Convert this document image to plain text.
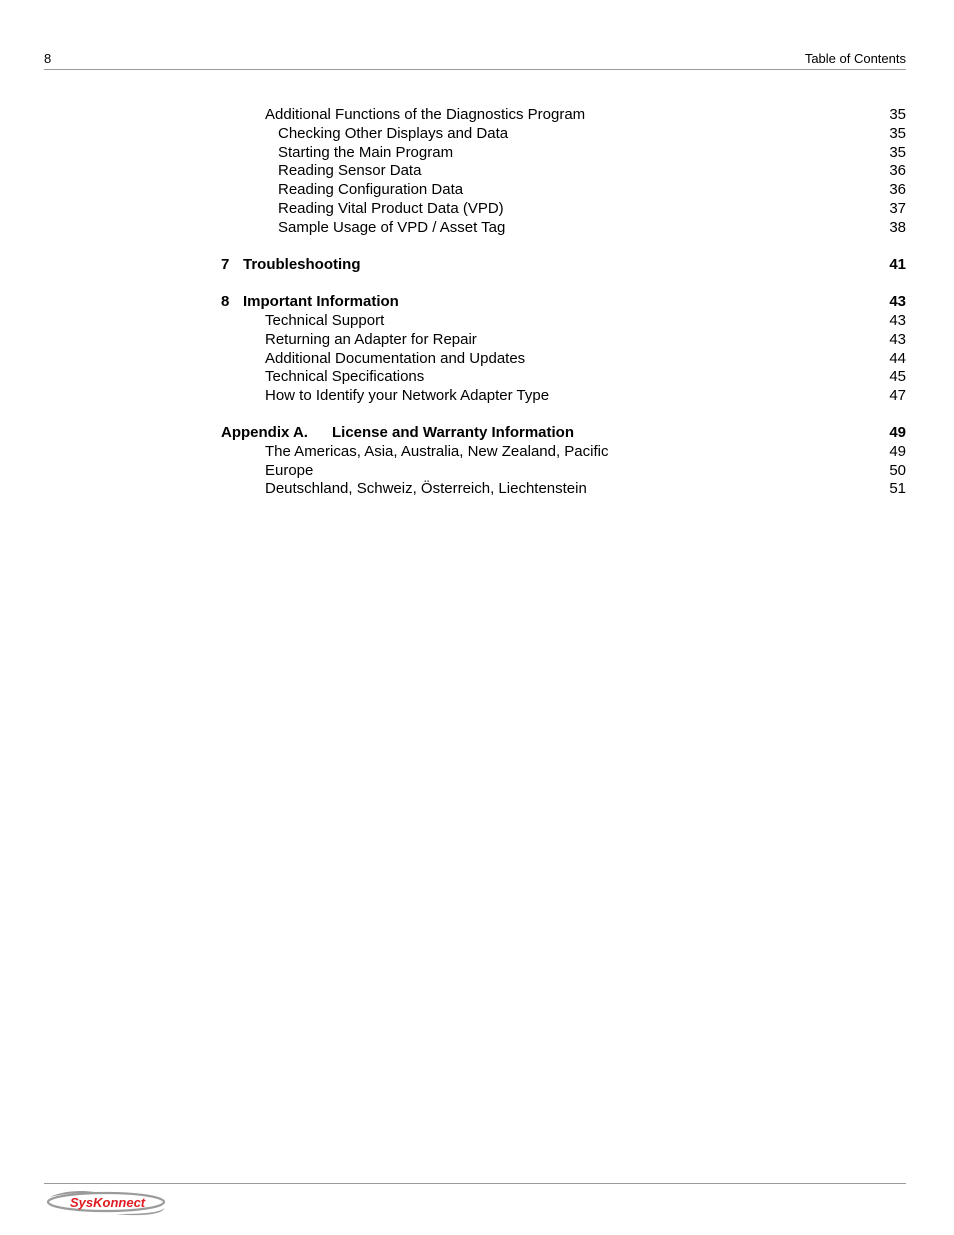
8	Table of Contents
Additional Functions of the Diagnostics Program	35
Checking Other Displays and Data	35
Starting the Main Program	35
Reading Sensor Data	36
Reading Configuration Data	36
Reading Vital Product Data (VPD)	37
Sample Usage of VPD / Asset Tag	38
7 Troubleshooting	41
8 Important Information	43
Technical Support	43
Returning an Adapter for Repair	43
Additional Documentation and Updates	44
Technical Specifications	45
How to Identify your Network Adapter Type	47
Appendix A. License and Warranty Information	49
The Americas, Asia, Australia, New Zealand, Pacific	49
Europe	50
Deutschland, Schweiz, Österreich, Liechtenstein	51
SysKonnect
